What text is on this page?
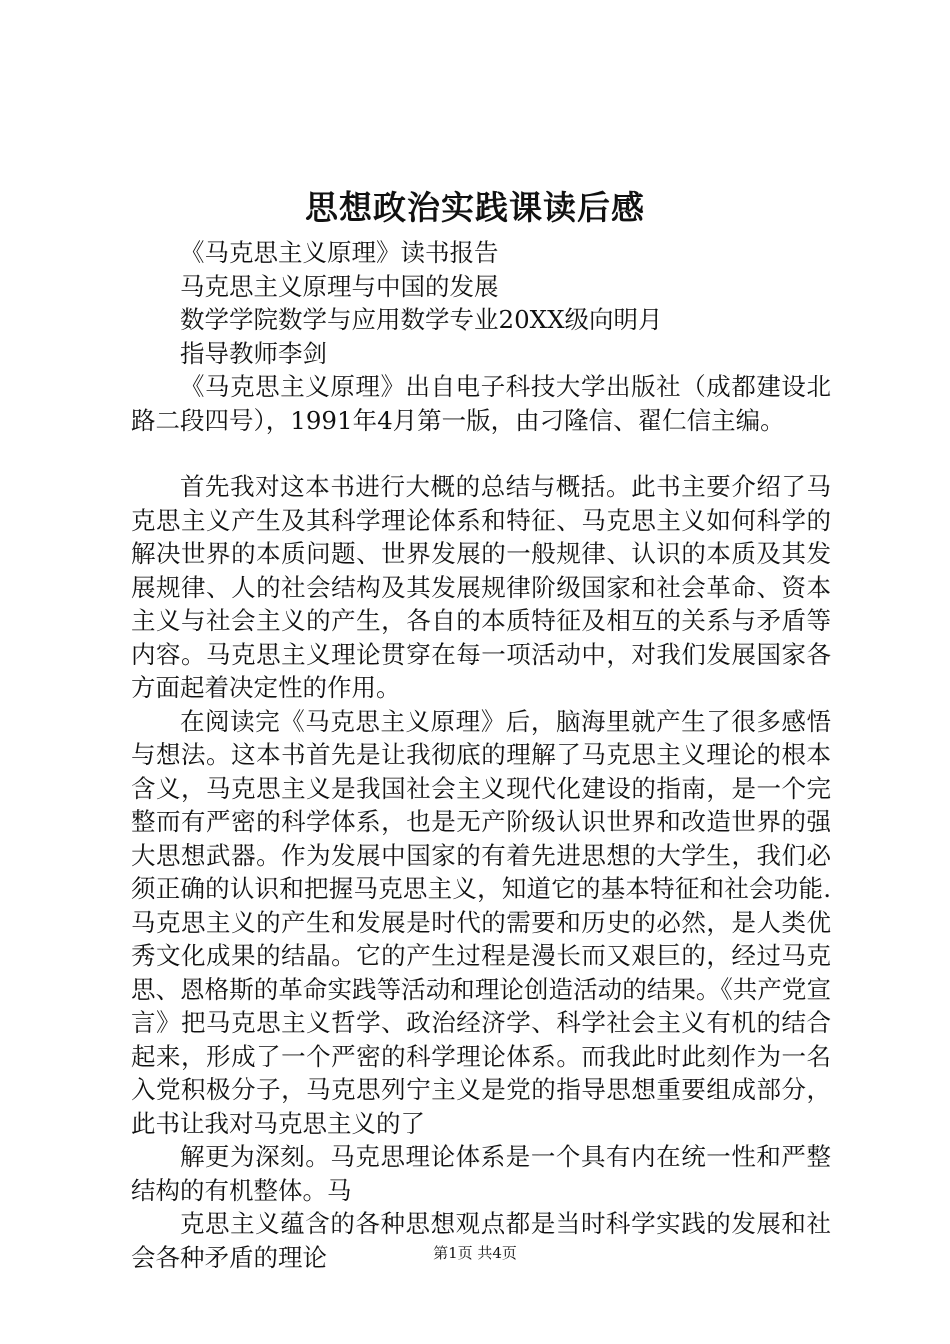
思想政治实践课读后感

《马克思主义原理》读书报告

马克思主义原理与中国的发展

数学学院数学与应用数学专业20XX级向明月

指导教师李剑

《马克思主义原理》出自电子科技大学出版社（成都建设北路二段四号），1991年4月第一版，由刁隆信、翟仁信主编。

首先我对这本书进行大概的总结与概括。此书主要介绍了马克思主义产生及其科学理论体系和特征、马克思主义如何科学的解决世界的本质问题、世界发展的一般规律、认识的本质及其发展规律、人的社会结构及其发展规律阶级国家和社会革命、资本主义与社会主义的产生，各自的本质特征及相互的关系与矛盾等内容。马克思主义理论贯穿在每一项活动中，对我们发展国家各方面起着决定性的作用。

在阅读完《马克思主义原理》后，脑海里就产生了很多感悟与想法。这本书首先是让我彻底的理解了马克思主义理论的根本含义，马克思主义是我国社会主义现代化建设的指南，是一个完整而有严密的科学体系，也是无产阶级认识世界和改造世界的强大思想武器。作为发展中国家的有着先进思想的大学生，我们必须正确的认识和把握马克思主义，知道它的基本特征和社会功能.马克思主义的产生和发展是时代的需要和历史的必然，是人类优秀文化成果的结晶。它的产生过程是漫长而又艰巨的，经过马克思、恩格斯的革命实践等活动和理论创造活动的结果。《共产党宣言》把马克思主义哲学、政治经济学、科学社会主义有机的结合起来，形成了一个严密的科学理论体系。而我此时此刻作为一名入党积极分子，马克思列宁主义是党的指导思想重要组成部分，此书让我对马克思主义的了

解更为深刻。马克思理论体系是一个具有内在统一性和严整结构的有机整体。马

克思主义蕴含的各种思想观点都是当时科学实践的发展和社会各种矛盾的理论	第1页 共4页
